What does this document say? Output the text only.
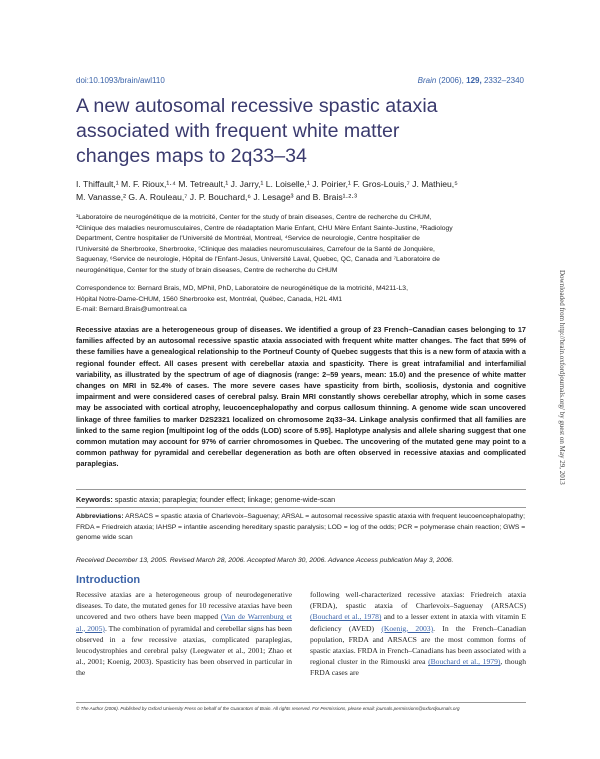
doi:10.1093/brain/awl110	Brain (2006), 129, 2332–2340
A new autosomal recessive spastic ataxia
associated with frequent white matter
changes maps to 2q33–34
I. Thiffault,¹ M. F. Rioux,¹·⁴ M. Tetreault,¹ J. Jarry,¹ L. Loiselle,¹ J. Poirier,¹ F. Gros-Louis,⁷ J. Mathieu,⁵
M. Vanasse,² G. A. Rouleau,⁷ J. P. Bouchard,⁶ J. Lesage³ and B. Brais¹·²·³
¹Laboratoire de neurogénétique de la motricité, Center for the study of brain diseases, Centre de recherche du CHUM,
²Clinique des maladies neuromusculaires, Centre de réadaptation Marie Enfant, CHU Mère Enfant Sainte-Justine, ³Radiology
Department, Centre hospitalier de l'Université de Montréal, Montreal, ⁴Service de neurologie, Centre hospitalier de
l'Université de Sherbrooke, Sherbrooke, ⁵Clinique des maladies neuromusculaires, Carrefour de la Santé de Jonquière,
Saguenay, ⁶Service de neurologie, Hôpital de l'Enfant-Jesus, Université Laval, Quebec, QC, Canada and ⁷Laboratoire de
neurogénétique, Center for the study of brain diseases, Centre de recherche du CHUM
Correspondence to: Bernard Brais, MD, MPhil, PhD, Laboratoire de neurogénétique de la motricité, M4211-L3,
Hôpital Notre-Dame-CHUM, 1560 Sherbrooke est, Montréal, Québec, Canada, H2L 4M1
E-mail: Bernard.Brais@umontreal.ca
Recessive ataxias are a heterogeneous group of diseases. We identified a group of 23 French–Canadian cases belonging to 17 families affected by an autosomal recessive spastic ataxia associated with frequent white matter changes. The fact that 59% of these families have a genealogical relationship to the Portneuf County of Quebec suggests that this is a new form of ataxia with a regional founder effect. All cases present with cerebellar ataxia and spasticity. There is great intrafamilial and interfamilial variability, as illustrated by the spectrum of age of diagnosis (range: 2–59 years, mean: 15.0) and the presence of white matter changes on MRI in 52.4% of cases. The more severe cases have spasticity from birth, scoliosis, dystonia and cognitive impairment and were considered cases of cerebral palsy. Brain MRI constantly shows cerebellar atrophy, which in some cases may be associated with cortical atrophy, leucoencephalopathy and corpus callosum thinning. A genome wide scan uncovered linkage of three families to marker D2S2321 localized on chromosome 2q33–34. Linkage analysis confirmed that all families are linked to the same region [multipoint log of the odds (LOD) score of 5.95]. Haplotype analysis and allele sharing suggest that one common mutation may account for 97% of carrier chromosomes in Quebec. The uncovering of the mutated gene may point to a common pathway for pyramidal and cerebellar degeneration as both are often observed in recessive ataxias and complicated paraplegias.
Keywords: spastic ataxia; paraplegia; founder effect; linkage; genome-wide-scan
Abbreviations: ARSACS = spastic ataxia of Charlevoix–Saguenay; ARSAL = autosomal recessive spastic ataxia with frequent leucoencephalopathy; FRDA = Friedreich ataxia; IAHSP = infantile ascending hereditary spastic paralysis; LOD = log of the odds; PCR = polymerase chain reaction; GWS = genome wide scan
Received December 13, 2005. Revised March 28, 2006. Accepted March 30, 2006. Advance Access publication May 3, 2006.
Introduction
Recessive ataxias are a heterogeneous group of neurodegenerative diseases. To date, the mutated genes for 10 recessive ataxias have been uncovered and two others have been mapped (Van de Warrenburg et al., 2005). The combination of pyramidal and cerebellar signs has been observed in a few recessive ataxias, complicated paraplegias, leucodystrophies and cerebral palsy (Leegwater et al., 2001; Zhao et al., 2001; Koenig, 2003). Spasticity has been observed in particular in the
following well-characterized recessive ataxias: Friedreich ataxia (FRDA), spastic ataxia of Charlevoix–Saguenay (ARSACS) (Bouchard et al., 1978) and to a lesser extent in ataxia with vitamin E deficiency (AVED) (Koenig, 2003). In the French–Canadian population, FRDA and ARSACS are the most common forms of spastic ataxias. FRDA in French–Canadians has been associated with a regional cluster in the Rimouski area (Bouchard et al., 1979), though FRDA cases are
© The Author (2006). Published by Oxford University Press on behalf of the Guarantors of Brain. All rights reserved. For Permissions, please email: journals.permissions@oxfordjournals.org
Downloaded from http://brain.oxfordjournals.org/ by guest on May 29, 2013
